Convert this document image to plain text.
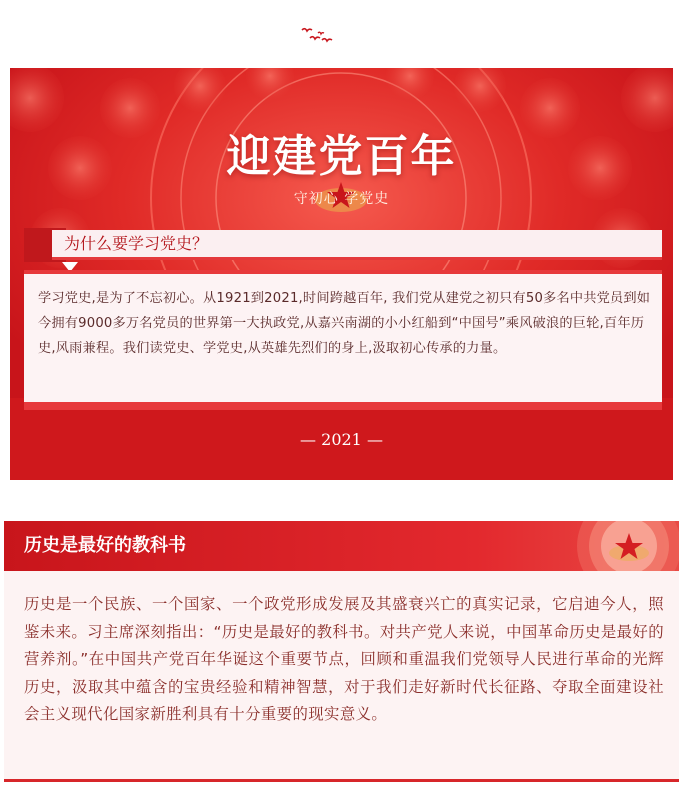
迎建党百年
守初心 学党史
为什么要学习党史？

学习党史,是为了不忘初心。从1921到2021,时间跨越百年, 我们党从建党之初只有50多名中共党员到如今拥有9000多万名党员的世界第一大执政党,从嘉兴南湖的小小红船到“中国号”乘风破浪的巨轮,百年历史,风雨兼程。我们读党史、学党史,从英雄先烈们的身上,汲取初心传承的力量。

— 2021 —
历史是最好的教科书

历史是一个民族、一个国家、一个政党形成发展及其盛衰兴亡的真实记录，它启迪今人，照鉴未来。习主席深刻指出：“历史是最好的教科书。对共产党人来说，中国革命历史是最好的营养剂。”在中国共产党百年华诞这个重要节点，回顾和重温我们党领导人民进行革命的光辉历史，汲取其中蕴含的宝贵经验和精神智慧，对于我们走好新时代长征路、夺取全面建设社会主义现代化国家新胜利具有十分重要的现实意义。
